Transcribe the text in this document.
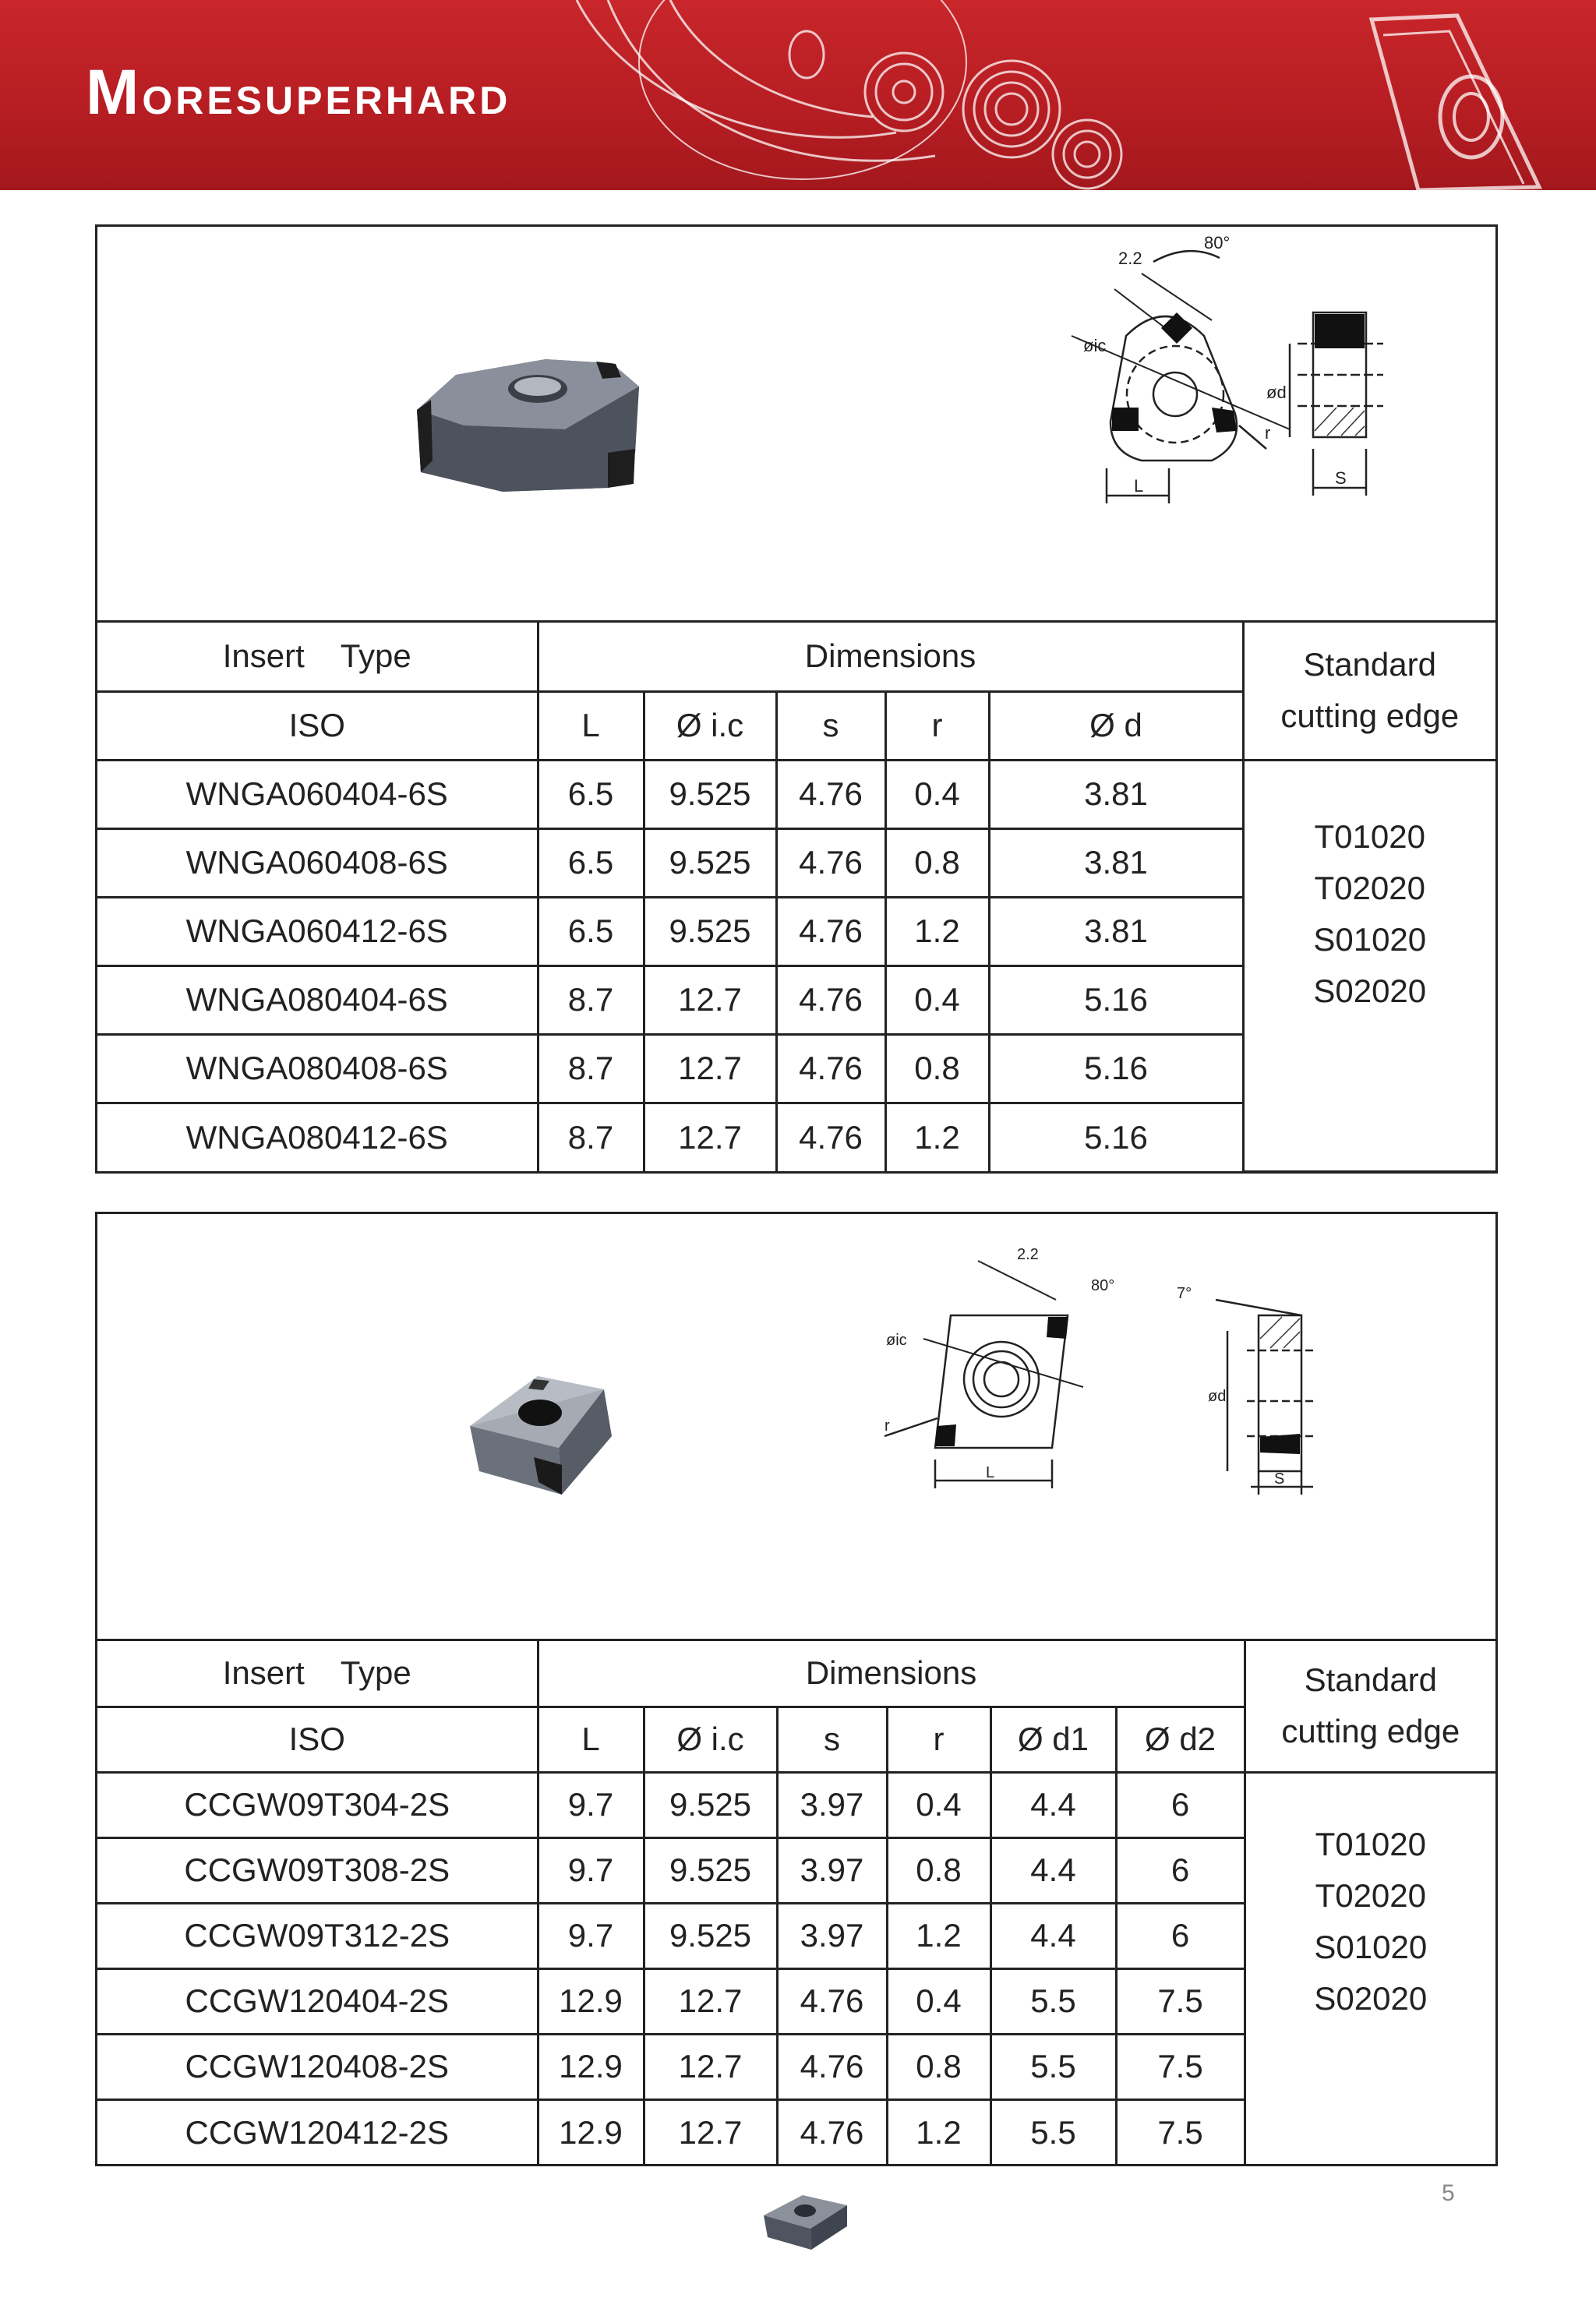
MORESUPERHARD
2.2
80°
øic
L
r
ød
S
Insert    Type	Dimensions					Standard
cutting edge

ISO	L	Ø i.c	s	r	Ø d	
WNGA060404-6S	6.5	9.525	4.76	0.4	3.81	T01020
T02020
S01020
S02020

WNGA060408-6S	6.5	9.525	4.76	0.8	3.81	
WNGA060412-6S	6.5	9.525	4.76	1.2	3.81	
WNGA080404-6S	8.7	12.7	4.76	0.4	5.16	
WNGA080408-6S	8.7	12.7	4.76	0.8	5.16	
WNGA080412-6S	8.7	12.7	4.76	1.2	5.16	
2.2
80°
øic
L
r
7°
ød
S
Insert    Type	Dimensions						Standard
cutting edge

ISO	L	Ø i.c	s	r	Ø d1	Ø d2	
CCGW09T304-2S	9.7	9.525	3.97	0.4	4.4	6	T01020
T02020
S01020
S02020

CCGW09T308-2S	9.7	9.525	3.97	0.8	4.4	6	
CCGW09T312-2S	9.7	9.525	3.97	1.2	4.4	6	
CCGW120404-2S	12.9	12.7	4.76	0.4	5.5	7.5	
CCGW120408-2S	12.9	12.7	4.76	0.8	5.5	7.5	
CCGW120412-2S	12.9	12.7	4.76	1.2	5.5	7.5	
5
